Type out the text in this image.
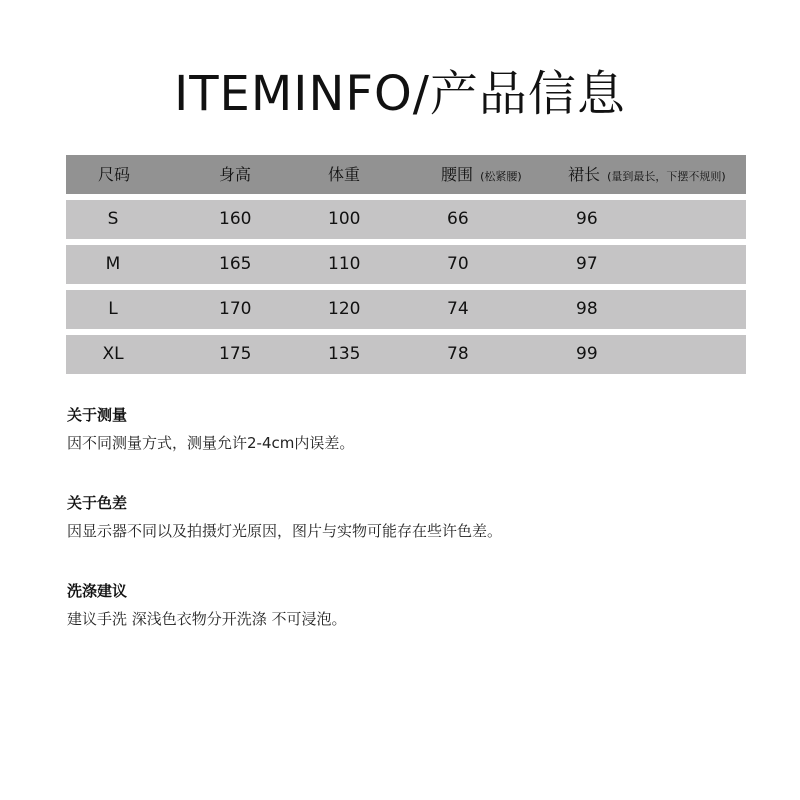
ITEMINFO/产品信息
尺码	身高	体重	腰围 (松紧腰)	裙长 (量到最长，下摆不规则)
S	160	100	66	96
M	165	110	70	97
L	170	120	74	98
XL	175	135	78	99
关于测量
因不同测量方式，测量允许2-4cm内误差。
关于色差
因显示器不同以及拍摄灯光原因，图片与实物可能存在些许色差。
洗涤建议
建议手洗 深浅色衣物分开洗涤 不可浸泡。
